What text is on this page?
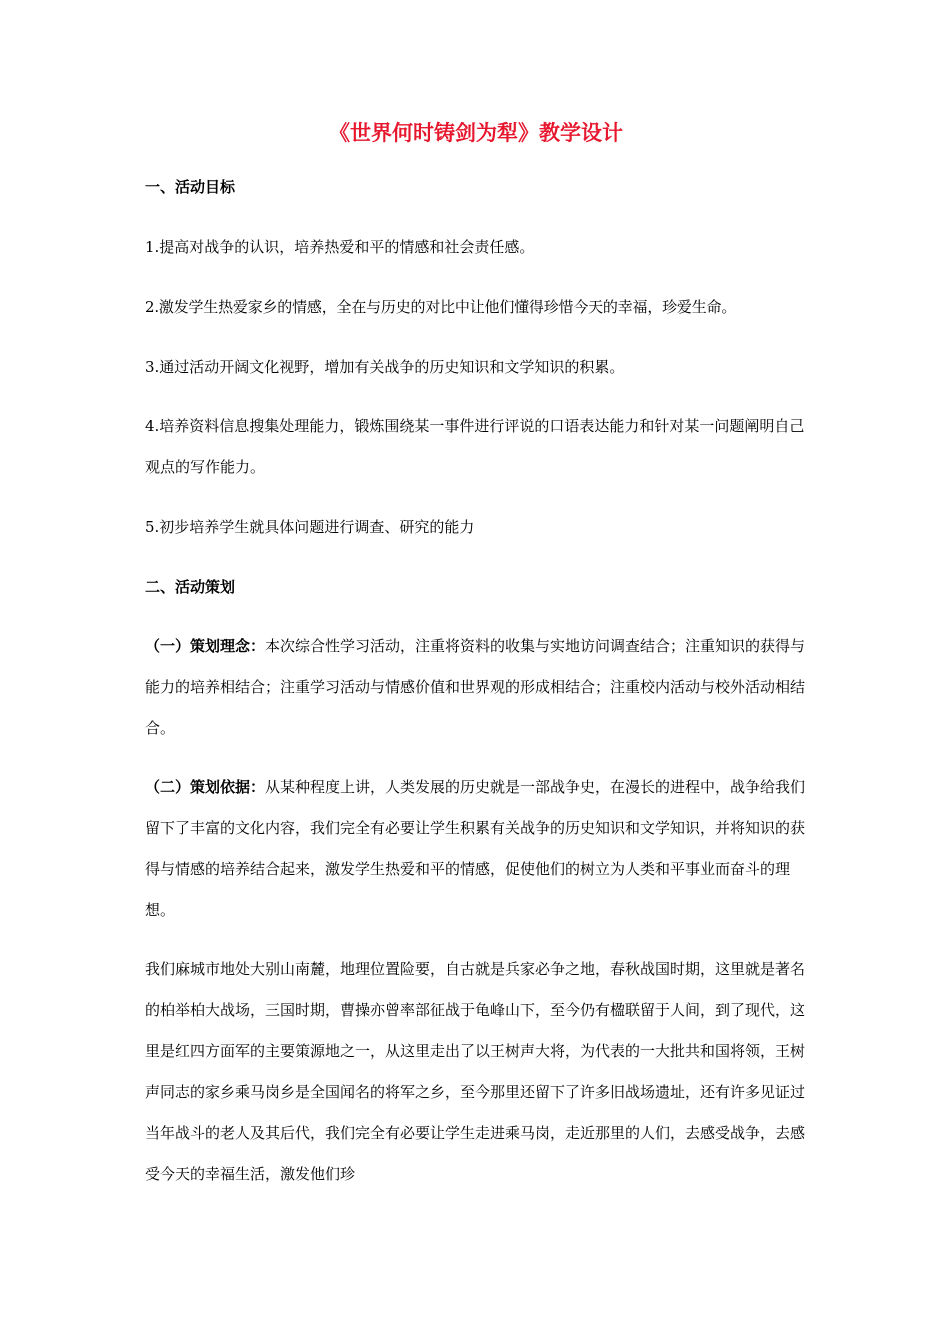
《世界何时铸剑为犁》教学设计
一、活动目标
1.提高对战争的认识，培养热爱和平的情感和社会责任感。
2.激发学生热爱家乡的情感，全在与历史的对比中让他们懂得珍惜今天的幸福，珍爱生命。
3.通过活动开阔文化视野，增加有关战争的历史知识和文学知识的积累。
4.培养资料信息搜集处理能力，锻炼围绕某一事件进行评说的口语表达能力和针对某一问题阐明自己观点的写作能力。
5.初步培养学生就具体问题进行调查、研究的能力
二、活动策划
（一）策划理念：本次综合性学习活动，注重将资料的收集与实地访问调查结合；注重知识的获得与能力的培养相结合；注重学习活动与情感价值和世界观的形成相结合；注重校内活动与校外活动相结合。
（二）策划依据：从某种程度上讲，人类发展的历史就是一部战争史，在漫长的进程中，战争给我们留下了丰富的文化内容，我们完全有必要让学生积累有关战争的历史知识和文学知识，并将知识的获得与情感的培养结合起来，激发学生热爱和平的情感，促使他们的树立为人类和平事业而奋斗的理想。
我们麻城市地处大别山南麓，地理位置险要，自古就是兵家必争之地，春秋战国时期，这里就是著名的柏举柏大战场，三国时期，曹操亦曾率部征战于龟峰山下，至今仍有楹联留于人间，到了现代，这里是红四方面军的主要策源地之一，从这里走出了以王树声大将，为代表的一大批共和国将领，王树声同志的家乡乘马岗乡是全国闻名的将军之乡，至今那里还留下了许多旧战场遗址，还有许多见证过当年战斗的老人及其后代，我们完全有必要让学生走进乘马岗，走近那里的人们，去感受战争，去感受今天的幸福生活，激发他们珍
